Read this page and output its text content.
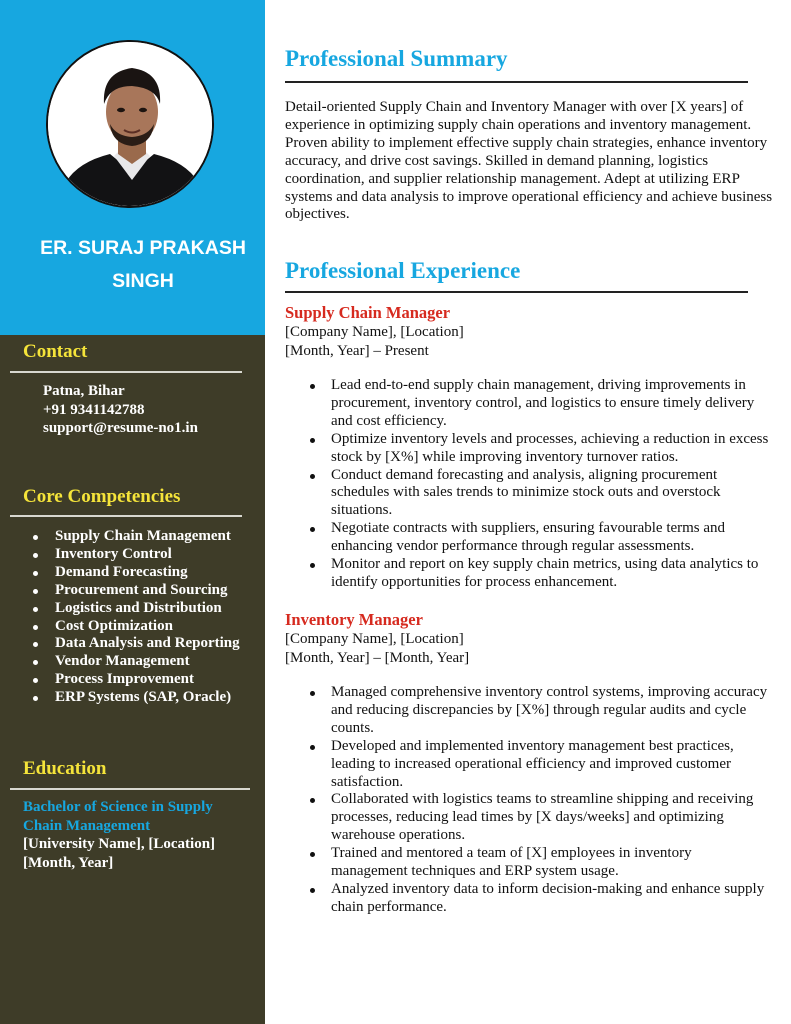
ER. SURAJ PRAKASH
SINGH
Contact
Patna, Bihar
+91 9341142788
support@resume-no1.in
Core Competencies
Supply Chain Management
Inventory Control
Demand Forecasting
Procurement and Sourcing
Logistics and Distribution
Cost Optimization
Data Analysis and Reporting
Vendor Management
Process Improvement
ERP Systems (SAP, Oracle)
Education
Bachelor of Science in Supply Chain Management
[University Name], [Location]
[Month, Year]
Professional Summary
Detail-oriented Supply Chain and Inventory Manager with over [X years] of experience in optimizing supply chain operations and inventory management. Proven ability to implement effective supply chain strategies, enhance inventory accuracy, and drive cost savings. Skilled in demand planning, logistics coordination, and supplier relationship management. Adept at utilizing ERP systems and data analysis to improve operational efficiency and achieve business objectives.
Professional Experience
Supply Chain Manager
[Company Name], [Location]
[Month, Year] – Present
Lead end-to-end supply chain management, driving improvements in procurement, inventory control, and logistics to ensure timely delivery and cost efficiency.
Optimize inventory levels and processes, achieving a reduction in excess stock by [X%] while improving inventory turnover ratios.
Conduct demand forecasting and analysis, aligning procurement schedules with sales trends to minimize stock outs and overstock situations.
Negotiate contracts with suppliers, ensuring favourable terms and enhancing vendor performance through regular assessments.
Monitor and report on key supply chain metrics, using data analytics to identify opportunities for process enhancement.
Inventory Manager
[Company Name], [Location]
[Month, Year] – [Month, Year]
Managed comprehensive inventory control systems, improving accuracy and reducing discrepancies by [X%] through regular audits and cycle counts.
Developed and implemented inventory management best practices, leading to increased operational efficiency and improved customer satisfaction.
Collaborated with logistics teams to streamline shipping and receiving processes, reducing lead times by [X days/weeks] and optimizing warehouse operations.
Trained and mentored a team of [X] employees in inventory management techniques and ERP system usage.
Analyzed inventory data to inform decision-making and enhance supply chain performance.
